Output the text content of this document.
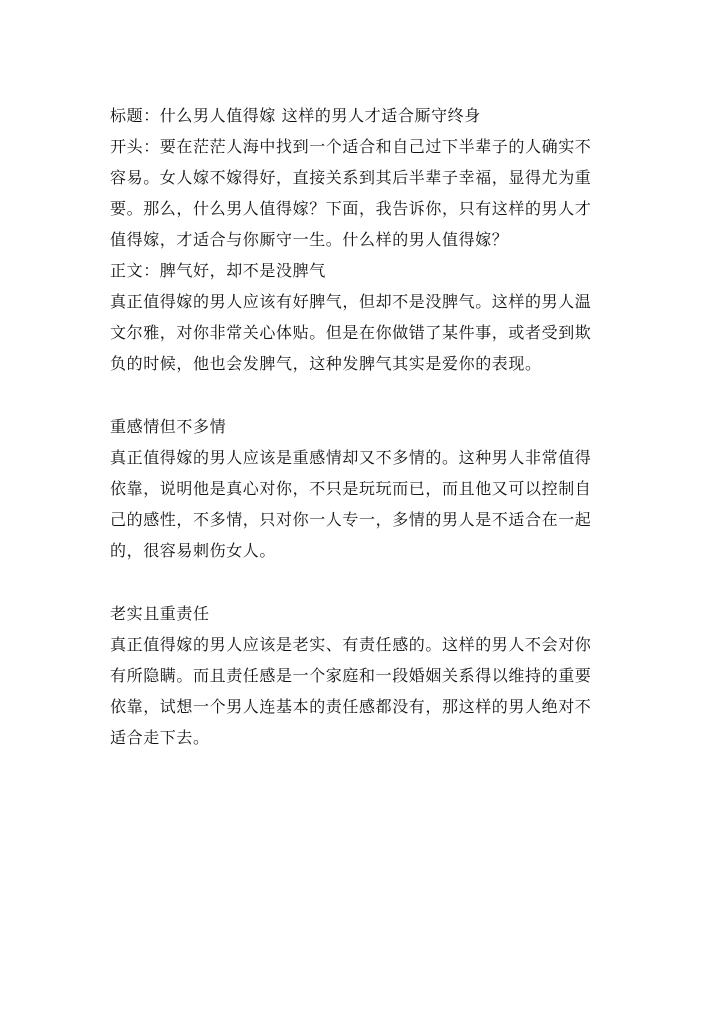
标题：什么男人值得嫁 这样的男人才适合厮守终身
开头：要在茫茫人海中找到一个适合和自己过下半辈子的人确实不
容易。女人嫁不嫁得好，直接关系到其后半辈子幸福，显得尤为重
要。那么，什么男人值得嫁？下面，我告诉你，只有这样的男人才
值得嫁，才适合与你厮守一生。什么样的男人值得嫁？
正文：脾气好，却不是没脾气
真正值得嫁的男人应该有好脾气，但却不是没脾气。这样的男人温
文尔雅，对你非常关心体贴。但是在你做错了某件事，或者受到欺
负的时候，他也会发脾气，这种发脾气其实是爱你的表现。
重感情但不多情
真正值得嫁的男人应该是重感情却又不多情的。这种男人非常值得
依靠，说明他是真心对你，不只是玩玩而已，而且他又可以控制自
己的感性，不多情，只对你一人专一，多情的男人是不适合在一起
的，很容易刺伤女人。
老实且重责任
真正值得嫁的男人应该是老实、有责任感的。这样的男人不会对你
有所隐瞒。而且责任感是一个家庭和一段婚姻关系得以维持的重要
依靠，试想一个男人连基本的责任感都没有，那这样的男人绝对不
适合走下去。
